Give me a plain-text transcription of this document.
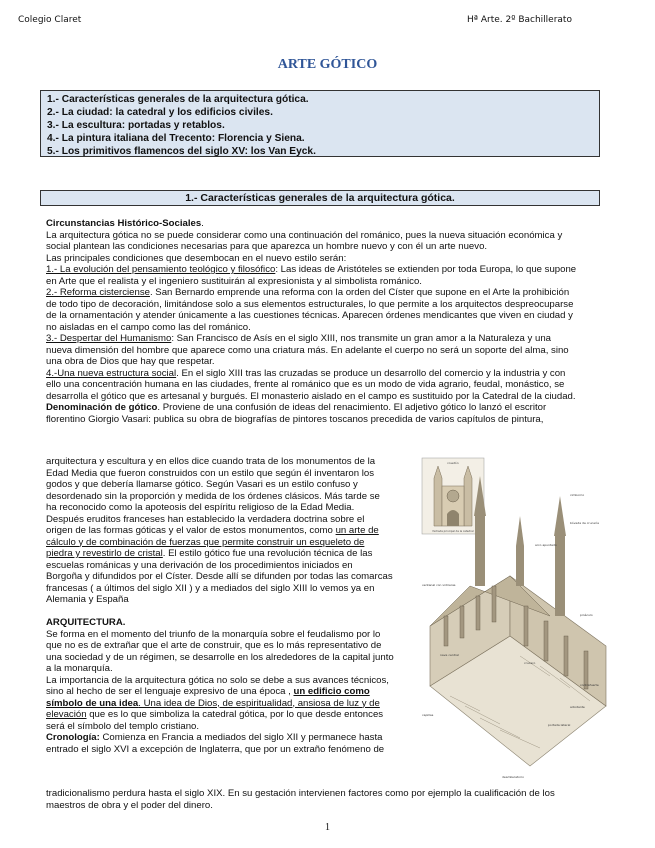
Colegio Claret	Hª Arte. 2º Bachillerato
ARTE GÓTICO
1.- Características generales de la arquitectura gótica.
2.- La ciudad: la catedral y los edificios civiles.
3.- La escultura: portadas y retablos.
4.- La pintura italiana del Trecento: Florencia y Siena.
5.- Los primitivos flamencos del siglo XV: los Van Eyck.
1.- Características generales de la arquitectura gótica.

Circunstancias Histórico-Sociales.

La arquitectura gótica no se puede considerar como una continuación del románico, pues la nueva situación económica y

social plantean las condiciones necesarias para que aparezca un hombre nuevo y con él un arte nuevo.

Las principales condiciones que desembocan en el nuevo estilo serán:

1.- La evolución del pensamiento teológico y filosófico: Las ideas de Aristóteles se extienden por toda Europa, lo que supone

en Arte que el realista y el ingeniero sustituirán al expresionista y al simbolista románico.

2.- Reforma cisterciense. San Bernardo emprende una reforma con la orden del Císter que supone en el Arte la prohibición

de todo tipo de decoración, limitándose solo a sus elementos estructurales, lo que permite a los arquitectos despreocuparse

de la ornamentación y atender únicamente a las cuestiones técnicas. Aparecen órdenes mendicantes que viven en ciudad y

no aisladas en el campo como las del románico.

3.- Despertar del Humanismo: San Francisco de Asís en el siglo XIII, nos transmite un gran amor a la Naturaleza y una

nueva dimensión del hombre que aparece como una criatura más. En adelante el cuerpo no será un soporte del alma, sino

una obra de Dios que hay que respetar.

4.-Una nueva estructura social. En el siglo XIII tras las cruzadas se produce un desarrollo del comercio y la industria y con

ello una concentración humana en las ciudades, frente al románico que es un modo de vida agrario, feudal, monástico, se

desarrolla el gótico que es artesanal y burgués. El monasterio aislado en el campo es sustituido por la Catedral de la ciudad.

Denominación de gótico. Proviene de una confusión de ideas del renacimiento. El adjetivo gótico lo lanzó el escritor

florentino Giorgio Vasari: publica su obra de biografías de pintores toscanos precedida de varios capítulos de pintura,

arquitectura y escultura y en ellos dice cuando trata de los monumentos de la

Edad Media que fueron construidos con un estilo que según él inventaron los

godos y que debería llamarse gótico. Según Vasari es un estilo confuso y

desordenado sin la proporción y medida de los órdenes clásicos. Más tarde se

ha reconocido como la apoteosis del espíritu religioso de la Edad Media.

Después eruditos franceses han establecido la verdadera doctrina sobre el

origen de las formas góticas y el valor de estos monumentos, como un arte de

cálculo y de combinación de fuerzas que permite construir un esqueleto de

piedra y revestirlo de cristal. El estilo gótico fue una revolución técnica de las

escuelas románicas y una derivación de los procedimientos iniciados en

Borgoña y difundidos por el Císter. Desde allí se difunden por todas las comarcas

francesas ( a últimos del siglo XII ) y a mediados del siglo XIII lo vemos ya en

Alemania y España

ARQUITECTURA.

Se forma en el momento del triunfo de la monarquía sobre el feudalismo por lo

que no es de extrañar que el arte de construir, que es lo más representativo de

una sociedad y de un régimen, se desarrolle en los alrededores de la capital junto

a la monarquía.

La importancia de la arquitectura gótica no solo se debe a sus avances técnicos,

sino al hecho de ser el lenguaje expresivo de una época , un edificio como

símbolo de una idea. Una idea de Dios, de espiritualidad, ansiosa de luz y de

elevación que es lo que simboliza la catedral gótica, por lo que desde entonces

será el símbolo del templo cristiano.

Cronología: Comienza en Francia a mediados del siglo XII y permanece hasta

entrado el siglo XVI a excepción de Inglaterra, que por un extraño fenómeno de

tradicionalismo perdura hasta el siglo XIX. En su gestación intervienen factores como por ejemplo la cualificación de los

maestros de obra y el poder del dinero.

rosetón
fachada principal de la catedral
bóveda de crucería
arco apuntado
cimborrio
ventanal con vidrieras
pináculo
contrafuerte
arbotante
crucero
portada lateral
deambulatorio
nave central
capillas
1
